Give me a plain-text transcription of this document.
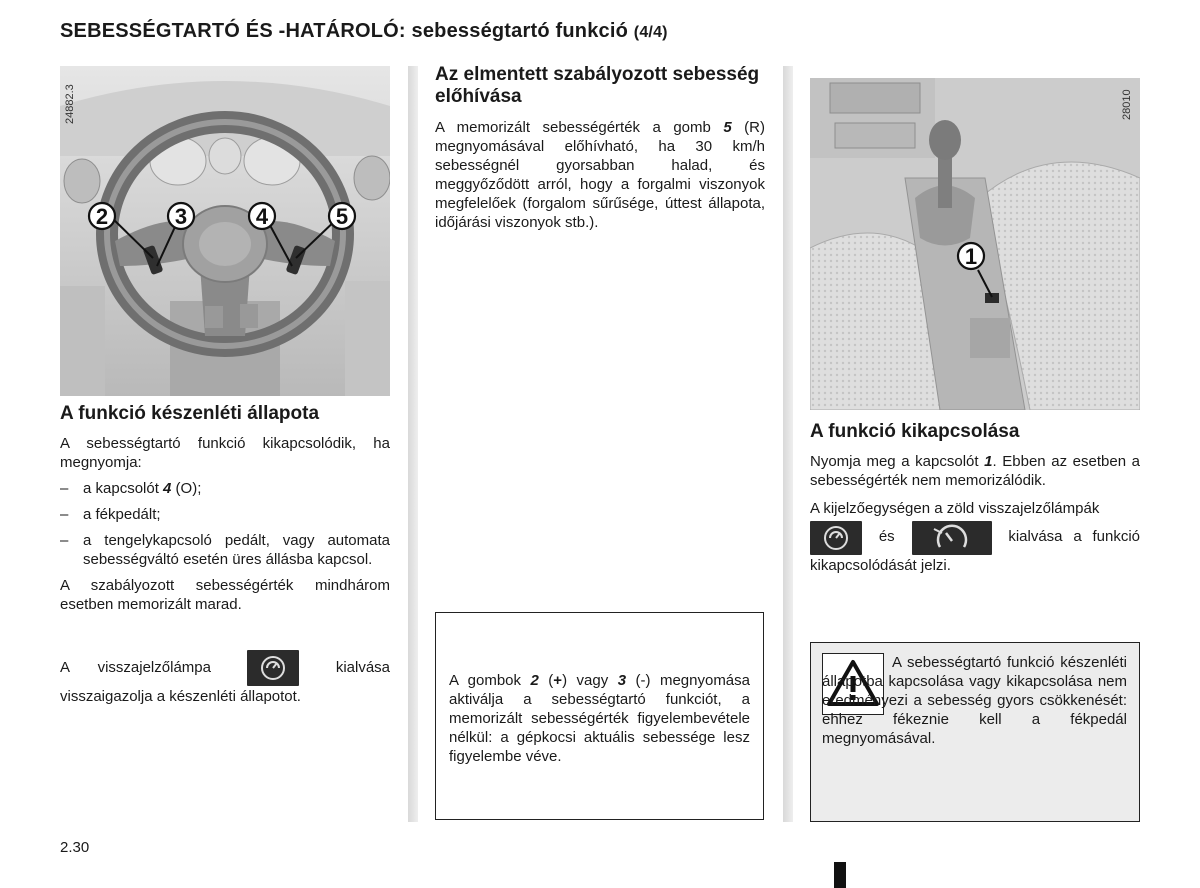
SEBESSÉGTARTÓ ÉS -HATÁROLÓ: sebességtartó funkció (4/4)
2	3	4	5
24882.3
A funkció készenléti állapota

A sebességtartó funkció kikapcsolódik, ha megnyomja:

– a kapcsolót 4 (O);
– a fékpedált;
– a tengelykapcsoló pedált, vagy automata sebességváltó esetén üres állásba kapcsol.

A szabályozott sebességérték mindhárom esetben memorizált marad.

A visszajelzőlámpa	kialvása visszaigazolja a készenléti állapotot.
Az elmentett szabályozott sebesség előhívása
A memorizált sebességérték a gomb 5 (R) megnyomásával előhívható, ha 30 km/h sebességnél gyorsabban halad, és meggyőződött arról, hogy a forgalmi viszonyok megfelelőek (forgalom sűrűsége, úttest állapota, időjárási viszonyok stb.).
A gombok 2 (+) vagy 3 (-) megnyomása aktiválja a sebességtartó funkciót, a memorizált sebességérték figyelembevétele nélkül: a gépkocsi aktuális sebessége lesz figyelembe véve.
1
28010
A funkció kikapcsolása
Nyomja meg a kapcsolót 1. Ebben az esetben a sebességérték nem memorizálódik.
A kijelzőegységen a zöld visszajelzőlámpák
és	kialvása a funkció kikapcsolódását jelzi.
A sebességtartó funkció készenléti állapotba kapcsolása vagy kikapcsolása nem eredményezi a sebesség gyors csökkenését: ehhez fékeznie kell a fékpedál megnyomásával.
2.30
